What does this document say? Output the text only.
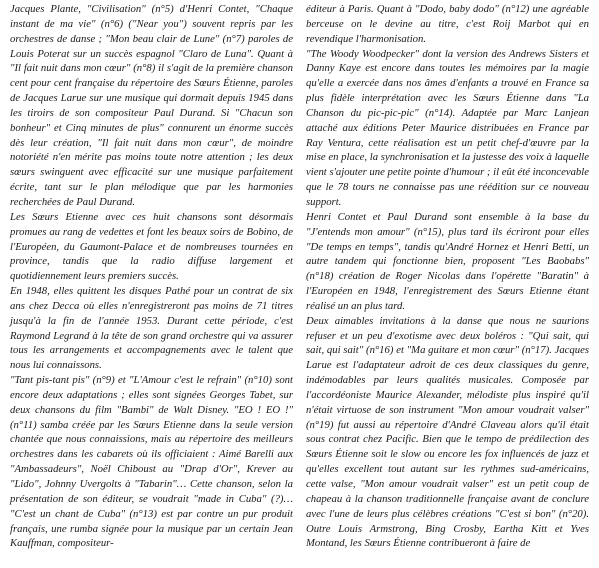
Jacques Plante, "Civilisation" (n°5) d'Henri Contet, "Chaque instant de ma vie" (n°6) ("Near you") souvent repris par les orchestres de danse ; "Mon beau clair de Lune" (n°7) paroles de Louis Poterat sur un succès espagnol "Claro de Luna". Quant à "Il fait nuit dans mon cœur" (n°8) il s'agit de la première chanson cent pour cent française du répertoire des Sœurs Étienne, paroles de Jacques Larue sur une musique qui dormait depuis 1945 dans les tiroirs de son compositeur Paul Durand. Si "Chacun son bonheur" et Cinq minutes de plus" connurent un énorme succès dès leur création, "Il fait nuit dans mon cœur", de moindre notoriété n'en mérite pas moins toute notre attention ; les deux sœurs swinguent avec efficacité sur une musique parfaitement écrite, tant sur le plan mélodique que par les harmonies recherchées de Paul Durand.

Les Sœurs Etienne avec ces huit chansons sont désormais promues au rang de vedettes et font les beaux soirs de Bobino, de l'Européen, du Gaumont-Palace et de nombreuses tournées en province, tandis que la radio diffuse largement et quotidiennement leurs premiers succès.

En 1948, elles quittent les disques Pathé pour un contrat de six ans chez Decca où elles n'enregistreront pas moins de 71 titres jusqu'à la fin de l'année 1953. Durant cette période, c'est Raymond Legrand à la tête de son grand orchestre qui va assurer tous les arrangements et accompagnements avec le talent que nous lui connaissons.

"Tant pis-tant pis" (n°9) et "L'Amour c'est le refrain" (n°10) sont encore deux adaptations ; elles sont signées Georges Tabet, sur deux chansons du film "Bambi" de Walt Disney. "EO ! EO !" (n°11) samba créée par les Sœurs Etienne dans la seule version chantée que nous connaissions, mais au répertoire des meilleurs orchestres dans les cabarets où ils officiaient : Aimé Barelli aux "Ambassadeurs", Noël Chiboust au "Drap d'Or", Krever au "Lido", Johnny Uvergolts à "Tabarin"… Cette chanson, selon la présentation de son éditeur, se voudrait "made in Cuba" (?)… "C'est un chant de Cuba" (n°13) est par contre un pur produit français, une rumba signée pour la musique par un certain Jean Kauffman, compositeur-

éditeur à Paris. Quant à "Dodo, baby dodo" (n°12) une agréable berceuse on le devine au titre, c'est Roij Marbot qui en revendique l'harmonisation.

"The Woody Woodpecker" dont la version des Andrews Sisters et Danny Kaye est encore dans toutes les mémoires par la magie qu'elle a exercée dans nos âmes d'enfants a trouvé en France sa plus fidèle interprétation avec les Sœurs Étienne dans "La Chanson du pic-pic-pic" (n°14). Adaptée par Marc Lanjean attaché aux éditions Peter Maurice distribuées en France par Ray Ventura, cette réalisation est un petit chef-d'œuvre par la mise en place, la synchronisation et la justesse des voix à laquelle vient s'ajouter une petite pointe d'humour ; il eût été inconcevable que le 78 tours ne connaisse pas une réédition sur ce nouveau support.

Henri Contet et Paul Durand sont ensemble à la base du "J'entends mon amour" (n°15), plus tard ils écriront pour elles "De temps en temps", tandis qu'André Hornez et Henri Betti, un autre tandem qui fonctionne bien, proposent "Les Baobabs" (n°18) création de Roger Nicolas dans l'opérette "Baratin" à l'Européen en 1948, l'enregistrement des Sœurs Etienne étant réalisé un an plus tard.

Deux aimables invitations à la danse que nous ne saurions refuser et un peu d'exotisme avec deux boléros : "Qui sait, qui sait, qui sait" (n°16) et "Ma guitare et mon cœur" (n°17). Jacques Larue est l'adaptateur adroit de ces deux classiques du genre, indémodables par leurs qualités musicales. Composée par l'accordéoniste Maurice Alexander, mélodiste plus inspiré qu'il n'était virtuose de son instrument "Mon amour voudrait valser" (n°19) fut aussi au répertoire d'André Claveau alors qu'il était sous contrat chez Pacific. Bien que le tempo de prédilection des Sœurs Étienne soit le slow ou encore les fox influencés de jazz et qu'elles excellent tout autant sur les rythmes sud-américains, cette valse, "Mon amour voudrait valser" est un petit coup de chapeau à la chanson traditionnelle française avant de conclure avec l'une de leurs plus célèbres créations "C'est si bon" (n°20). Outre Louis Armstrong, Bing Crosby, Eartha Kitt et Yves Montand, les Sœurs Étienne contribueront à faire de
